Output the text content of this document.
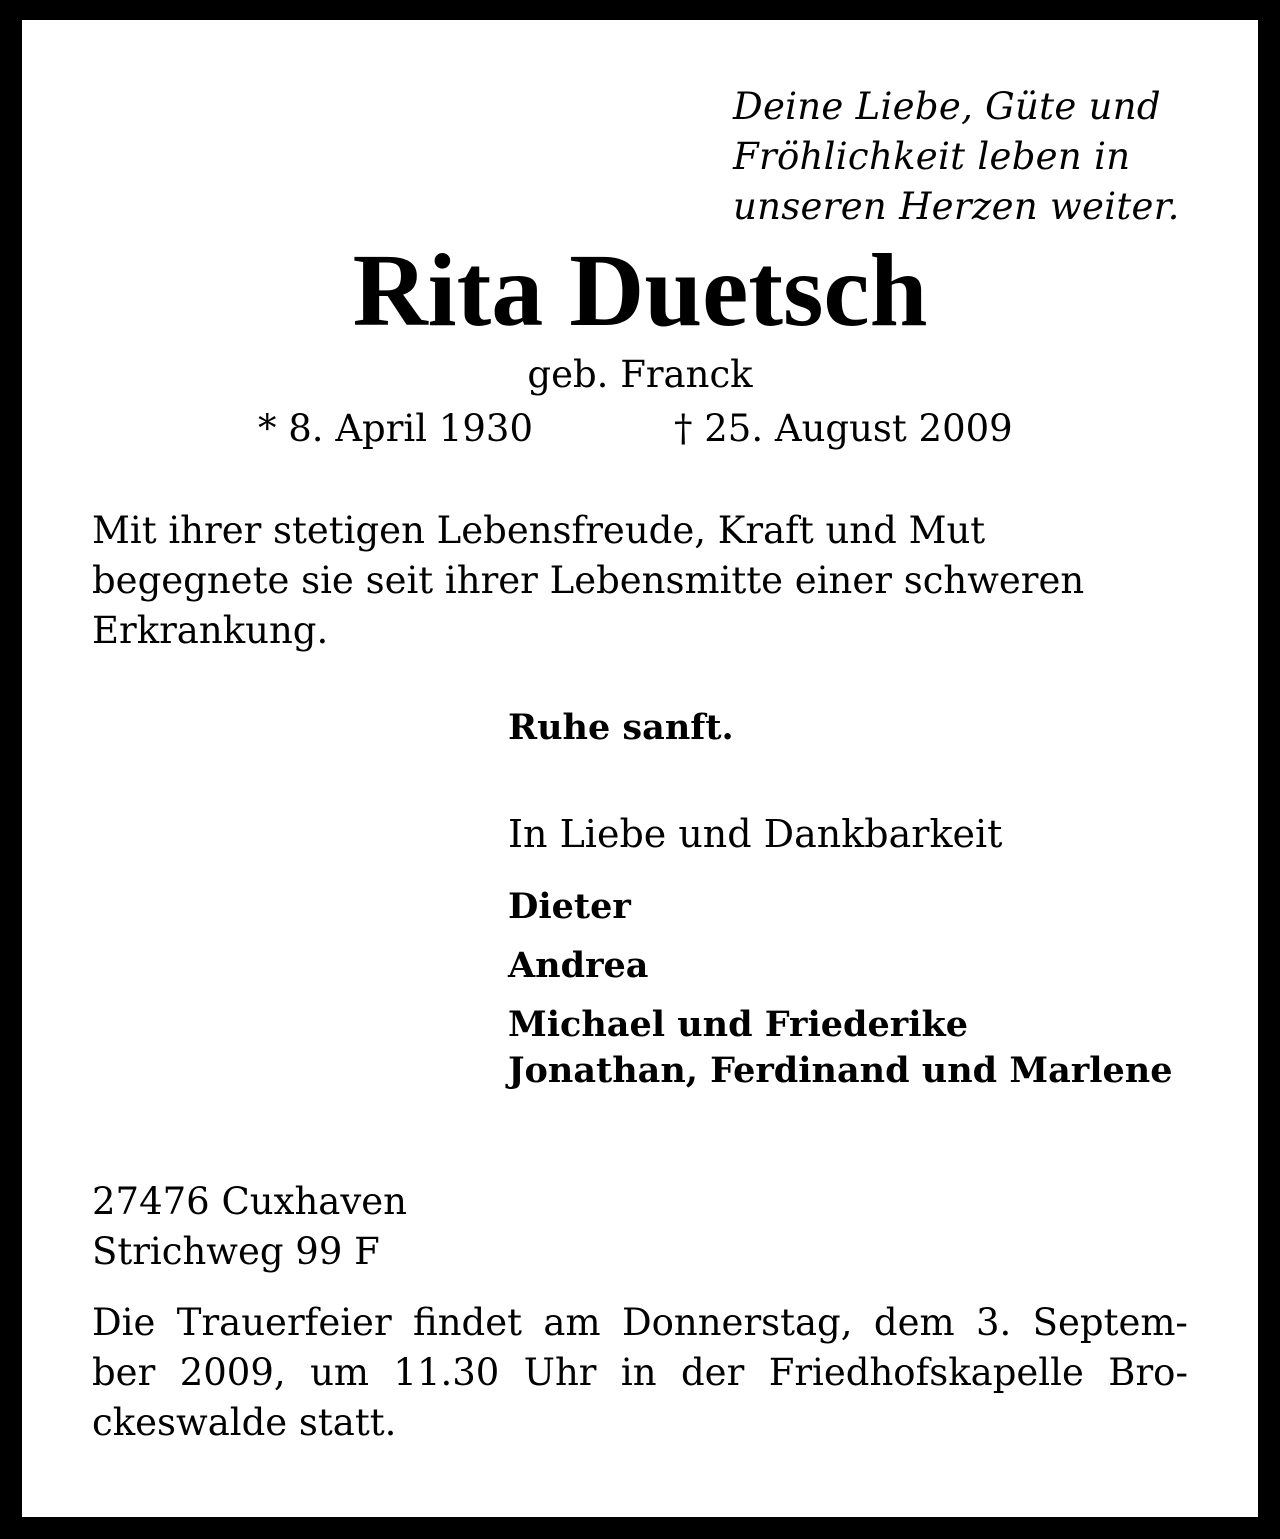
Deine Liebe, Güte und
Fröhlichkeit leben in
unseren Herzen weiter.
Rita Duetsch
geb. Franck
* 8. April 1930	† 25. August 2009
Mit ihrer stetigen Lebensfreude, Kraft und Mut
begegnete sie seit ihrer Lebensmitte einer schweren
Erkrankung.
Ruhe sanft.
In Liebe und Dankbarkeit
Dieter
Andrea
Michael und Friederike
Jonathan, Ferdinand und Marlene
27476 Cuxhaven
Strichweg 99 F
Die Trauerfeier findet am Donnerstag, dem 3. Septem-
ber 2009, um 11.30 Uhr in der Friedhofskapelle Bro-
ckeswalde statt.
